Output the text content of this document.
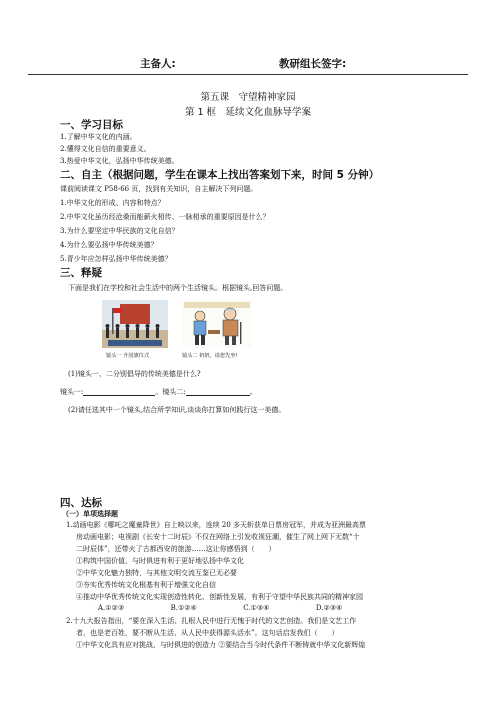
主备人:	教研组长签字:
第五课　守望精神家园
第 1 框　延续文化血脉导学案
一、学习目标
1.了解中华文化的内涵。
2.懂得文化自信的重要意义。
3.热爱中华文化，弘扬中华传统美德。
二、自主（根据问题，学生在课本上找出答案划下来，时间 5 分钟）
课前阅读课文 P58-66 页，找到有关知识，自主解决下列问题。
1.中华文化的形成、内容和特点？
2.中华文化虽历经沧桑而能薪火相传、一脉相承的重要原因是什么？
3.为什么要坚定中华民族的文化自信？
4.为什么要弘扬中华传统美德？
5.青少年应怎样弘扬中华传统美德？
三、释疑
下面是我们在学校和社会生活中的两个生活镜头。根据镜头,回答问题。
镜头一 升国旗仪式	镜头二 奶奶，请您先坐!
(1)镜头一、二分别倡导的传统美德是什么?
镜头一:	。镜头二:	。
(2)请任选其中一个镜头,结合所学知识,谈谈你打算如何践行这一美德。
四、达标
（一）单项选择题
1.动画电影《哪吒之魔童降世》自上映以来，连续 20 多天斩获单日票房冠军，并成为亚洲最高票
房动画电影；电视剧《长安十二时辰》不仅在网络上引发收视狂潮，催生了网上网下无数“十
二时辰体”，还带火了古都西安的旅游……这让你感悟到（　　）
①构筑中国价值、与时俱进有利于更好地弘扬中华文化
②中华文化魅力独特，与其他文明交流互鉴已无必要
③夯实优秀传统文化根基有利于增强文化自信
④推动中华优秀传统文化实现创造性转化、创新性发展，有利于守望中华民族共同的精神家园
A.①②③	B.①②④	C.①③④	D.②③④
2.十九大报告指出，“要在深入生活、扎根人民中进行无愧于时代的文艺创造。我们是文艺工作
者，也是老百姓，要不断从生活、从人民中获得源头活水”。这句话启发我们（　　）
①中华文化具有应对挑战、与时俱进的创造力 ②要结合当今时代条件不断铸就中华文化新辉煌
